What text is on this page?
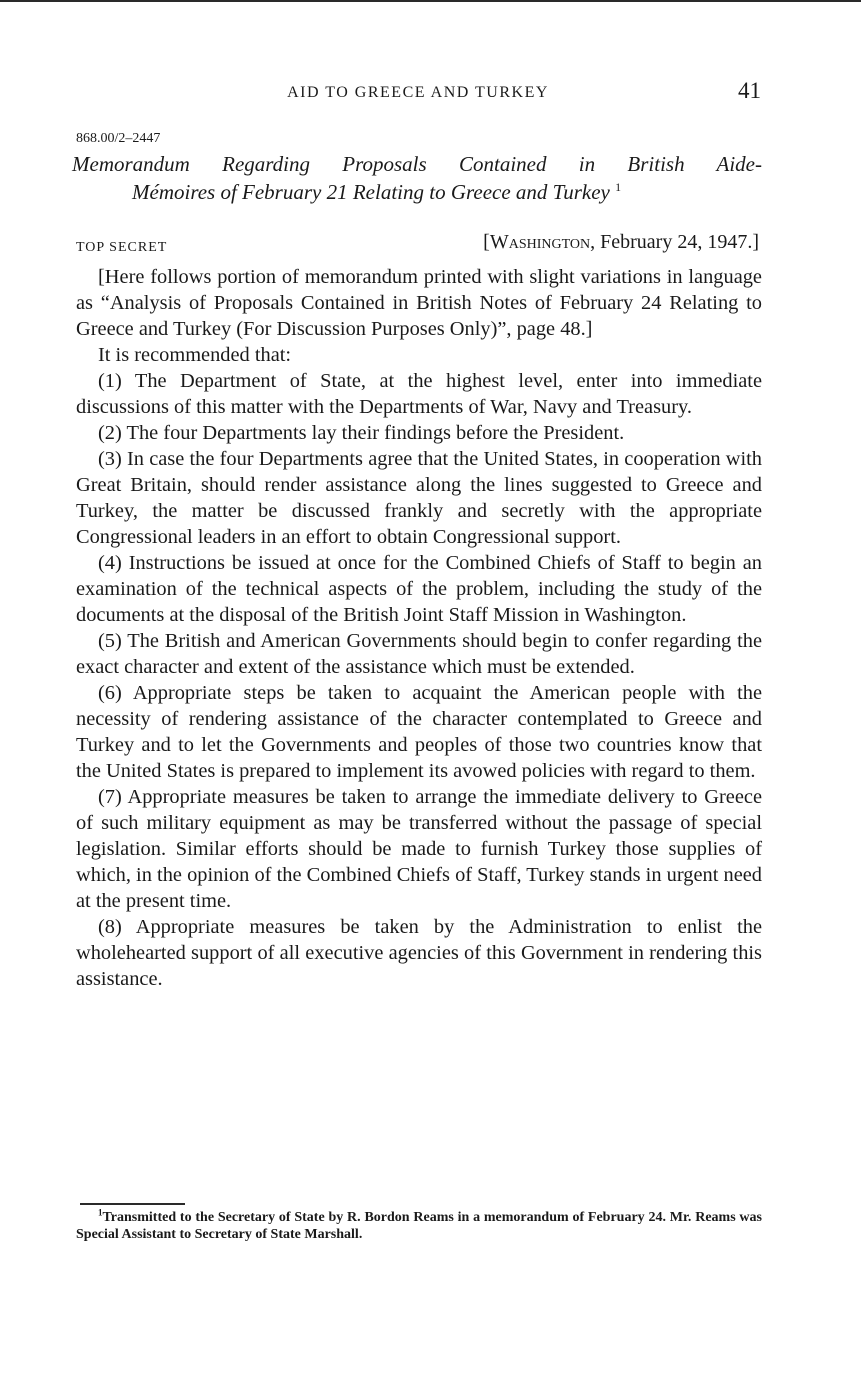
AID TO GREECE AND TURKEY	41
868.00/2–2447
Memorandum Regarding Proposals Contained in British Aide-
Mémoires of February 21 Relating to Greece and Turkey $^1$
TOP SECRET	[Washington, February 24, 1947.]

[Here follows portion of memorandum printed with slight variations in language as “Analysis of Proposals Contained in British Notes of February 24 Relating to Greece and Turkey (For Discussion Purposes Only)”, page 48.]

It is recommended that:

(1) The Department of State, at the highest level, enter into immediate discussions of this matter with the Departments of War, Navy and Treasury.

(2) The four Departments lay their findings before the President.

(3) In case the four Departments agree that the United States, in cooperation with Great Britain, should render assistance along the lines suggested to Greece and Turkey, the matter be discussed frankly and secretly with the appropriate Congressional leaders in an effort to obtain Congressional support.

(4) Instructions be issued at once for the Combined Chiefs of Staff to begin an examination of the technical aspects of the problem, including the study of the documents at the disposal of the British Joint Staff Mission in Washington.

(5) The British and American Governments should begin to confer regarding the exact character and extent of the assistance which must be extended.

(6) Appropriate steps be taken to acquaint the American people with the necessity of rendering assistance of the character contemplated to Greece and Turkey and to let the Governments and peoples of those two countries know that the United States is prepared to implement its avowed policies with regard to them.

(7) Appropriate measures be taken to arrange the immediate delivery to Greece of such military equipment as may be transferred without the passage of special legislation. Similar efforts should be made to furnish Turkey those supplies of which, in the opinion of the Combined Chiefs of Staff, Turkey stands in urgent need at the present time.

(8) Appropriate measures be taken by the Administration to enlist the wholehearted support of all executive agencies of this Government in rendering this assistance.

$^1$Transmitted to the Secretary of State by R. Bordon Reams in a memorandum of February 24. Mr. Reams was Special Assistant to Secretary of State Marshall.
